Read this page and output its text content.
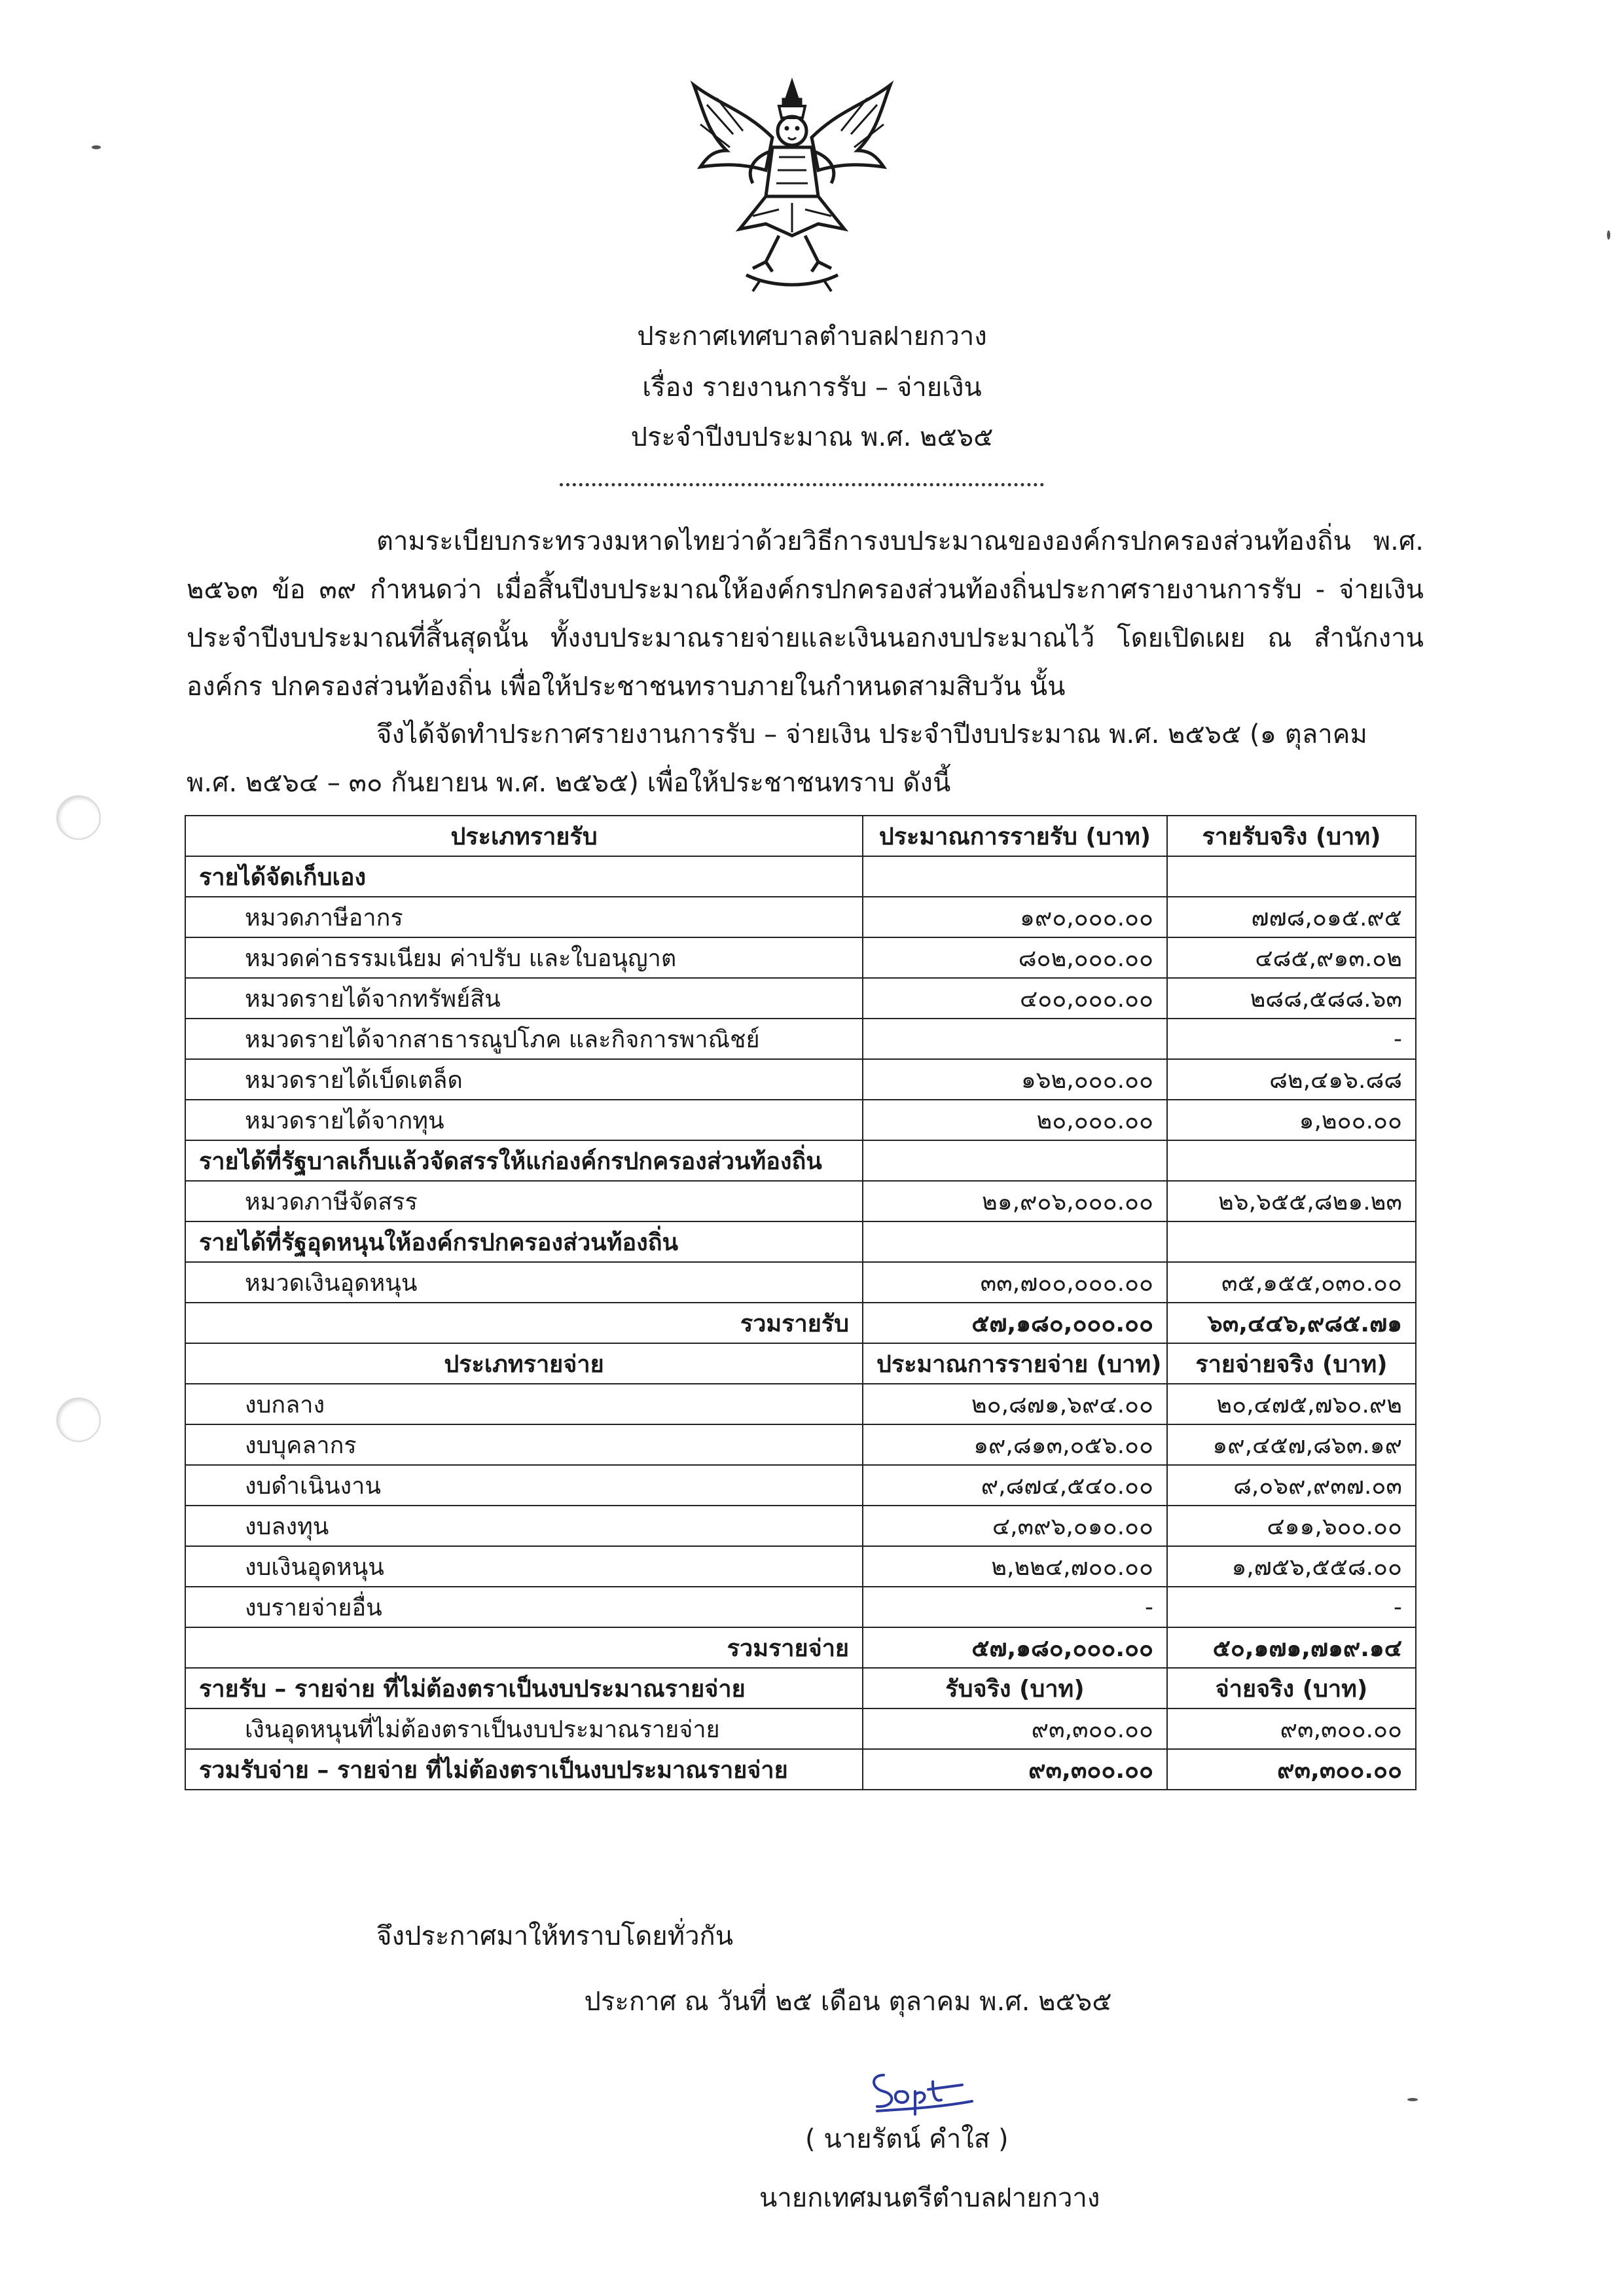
ประกาศเทศบาลตำบลฝายกวาง
เรื่อง รายงานการรับ – จ่ายเงิน
ประจำปีงบประมาณ พ.ศ. ๒๕๖๕
ตามระเบียบกระทรวงมหาดไทยว่าด้วยวิธีการงบประมาณขององค์กรปกครองส่วนท้องถิ่น พ.ศ. ๒๕๖๓ ข้อ ๓๙ กำหนดว่า เมื่อสิ้นปีงบประมาณให้องค์กรปกครองส่วนท้องถิ่นประกาศรายงานการรับ - จ่ายเงิน ประจำปีงบประมาณที่สิ้นสุดนั้น ทั้งงบประมาณรายจ่ายและเงินนอกงบประมาณไว้ โดยเปิดเผย ณ สำนักงานองค์กร ปกครองส่วนท้องถิ่น เพื่อให้ประชาชนทราบภายในกำหนดสามสิบวัน นั้น
จึงได้จัดทำประกาศรายงานการรับ – จ่ายเงิน ประจำปีงบประมาณ พ.ศ. ๒๕๖๕ (๑ ตุลาคม พ.ศ. ๒๕๖๔ – ๓๐ กันยายน พ.ศ. ๒๕๖๕) เพื่อให้ประชาชนทราบ ดังนี้
ประเภทรายรับ	ประมาณการรายรับ (บาท)	รายรับจริง (บาท)
รายได้จัดเก็บเอง		
หมวดภาษีอากร	๑๙๐,๐๐๐.๐๐	๗๗๘,๐๑๕.๙๕
หมวดค่าธรรมเนียม ค่าปรับ และใบอนุญาต	๘๐๒,๐๐๐.๐๐	๔๘๕,๙๑๓.๐๒
หมวดรายได้จากทรัพย์สิน	๔๐๐,๐๐๐.๐๐	๒๘๘,๕๘๘.๖๓
หมวดรายได้จากสาธารณูปโภค และกิจการพาณิชย์		-
หมวดรายได้เบ็ดเตล็ด	๑๖๒,๐๐๐.๐๐	๘๒,๔๑๖.๘๘
หมวดรายได้จากทุน	๒๐,๐๐๐.๐๐	๑,๒๐๐.๐๐
รายได้ที่รัฐบาลเก็บแล้วจัดสรรให้แก่องค์กรปกครองส่วนท้องถิ่น		
หมวดภาษีจัดสรร	๒๑,๙๐๖,๐๐๐.๐๐	๒๖,๖๕๕,๘๒๑.๒๓
รายได้ที่รัฐอุดหนุนให้องค์กรปกครองส่วนท้องถิ่น		
หมวดเงินอุดหนุน	๓๓,๗๐๐,๐๐๐.๐๐	๓๕,๑๕๕,๐๓๐.๐๐
รวมรายรับ	๕๗,๑๘๐,๐๐๐.๐๐	๖๓,๔๔๖,๙๘๕.๗๑
ประเภทรายจ่าย	ประมาณการรายจ่าย (บาท)	รายจ่ายจริง (บาท)
งบกลาง	๒๐,๘๗๑,๖๙๔.๐๐	๒๐,๔๗๕,๗๖๐.๙๒
งบบุคลากร	๑๙,๘๑๓,๐๕๖.๐๐	๑๙,๔๕๗,๘๖๓.๑๙
งบดำเนินงาน	๙,๘๗๔,๕๔๐.๐๐	๘,๐๖๙,๙๓๗.๐๓
งบลงทุน	๔,๓๙๖,๐๑๐.๐๐	๔๑๑,๖๐๐.๐๐
งบเงินอุดหนุน	๒,๒๒๔,๗๐๐.๐๐	๑,๗๕๖,๕๕๘.๐๐
งบรายจ่ายอื่น	-	-
รวมรายจ่าย	๕๗,๑๘๐,๐๐๐.๐๐	๕๐,๑๗๑,๗๑๙.๑๔
รายรับ – รายจ่าย ที่ไม่ต้องตราเป็นงบประมาณรายจ่าย	รับจริง (บาท)	จ่ายจริง (บาท)
เงินอุดหนุนที่ไม่ต้องตราเป็นงบประมาณรายจ่าย	๙๓,๓๐๐.๐๐	๙๓,๓๐๐.๐๐
รวมรับจ่าย – รายจ่าย ที่ไม่ต้องตราเป็นงบประมาณรายจ่าย	๙๓,๓๐๐.๐๐	๙๓,๓๐๐.๐๐
จึงประกาศมาให้ทราบโดยทั่วกัน
ประกาศ ณ วันที่ ๒๕ เดือน ตุลาคม พ.ศ. ๒๕๖๕
( นายรัตน์ คำใส )
นายกเทศมนตรีตำบลฝายกวาง
